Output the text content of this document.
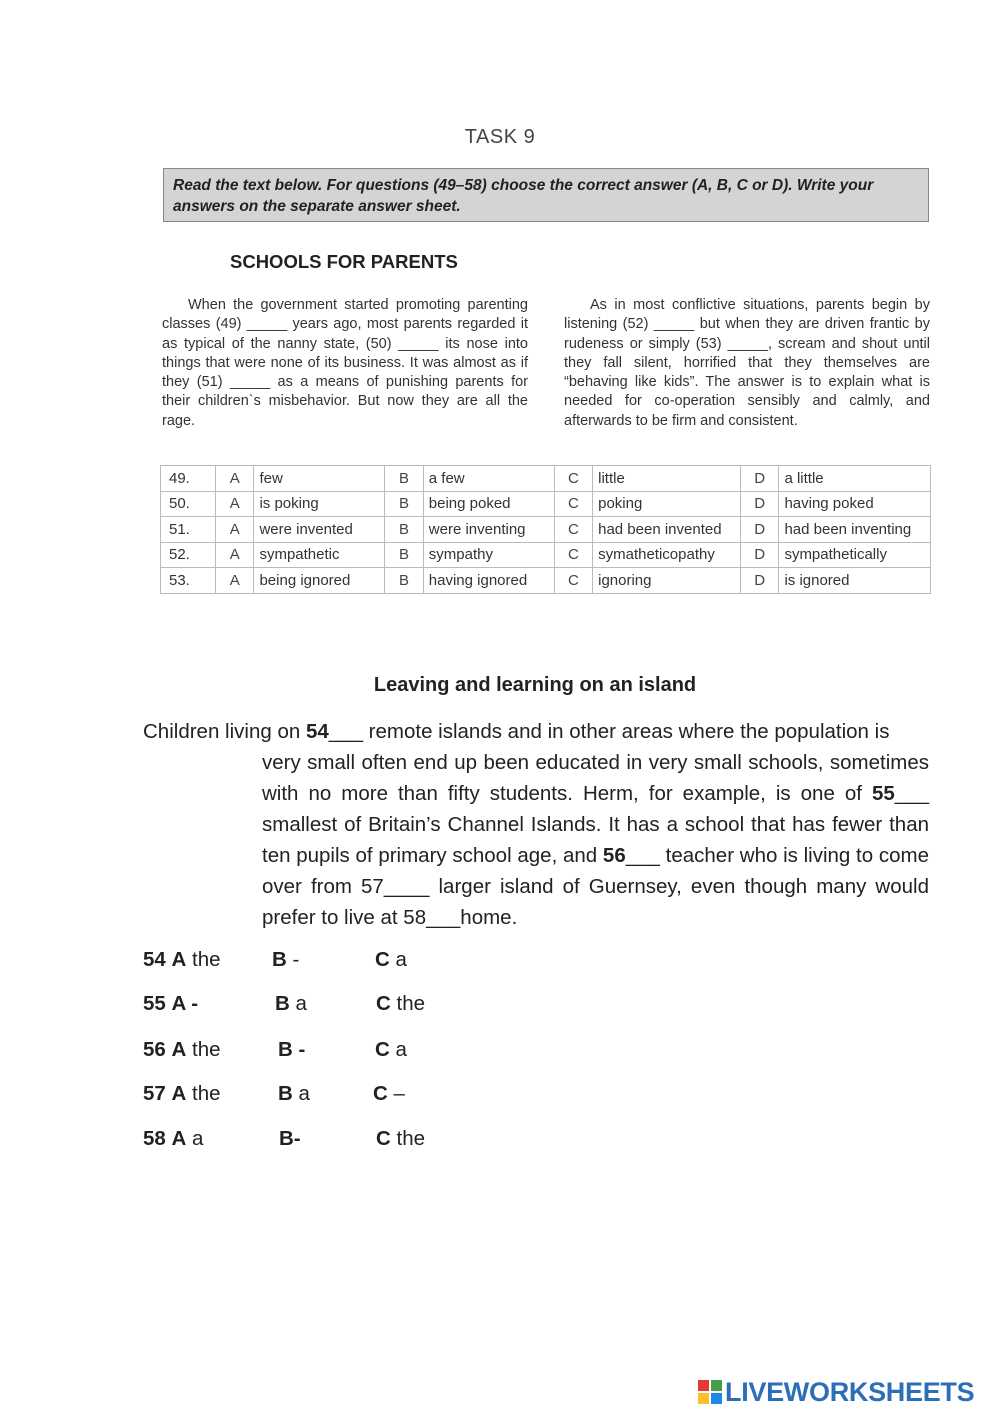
TASK 9
Read the text below. For questions (49–58) choose the correct answer (A, B, C or D). Write your answers on the separate answer sheet.
SCHOOLS FOR PARENTS

When the government started promoting parenting classes (49) _____ years ago, most parents regarded it as typical of the nanny state, (50) _____ its nose into things that were none of its business. It was almost as if they (51) _____ as a means of punishing parents for their children`s misbehavior. But now they are all the rage.

As in most conflictive situations, parents begin by listening (52) _____ but when they are driven frantic by rudeness or simply (53) _____, scream and shout until they fall silent, horrified that they themselves are “behaving like kids”. The answer is to explain what is needed for co-operation sensibly and calmly, and afterwards to be firm and consistent.

49.	A	few	B	a few	C	little	D	a little
50.	A	is poking	B	being poked	C	poking	D	having poked
51.	A	were invented	B	were inventing	C	had been invented	D	had been inventing
52.	A	sympathetic	B	sympathy	C	symatheticopathy	D	sympathetically
53.	A	being ignored	B	having ignored	C	ignoring	D	is ignored
Leaving and learning on an island
Children living on 54___ remote islands and in other areas where the population is
very small often end up been educated in very small schools, sometimes with no more than fifty students. Herm, for example, is one of 55___ smallest of Britain’s Channel Islands. It has a school that has fewer than ten pupils of primary school age, and 56___ teacher who is living to come over from 57____ larger island of Guernsey, even though many would prefer to live at 58___home.
54 A the	B -	C a
55 A -	B a	C the
56 A the	B -	C a
57 A the	B a	C –
58 A a	B-	C the
LIVEWORKSHEETS
